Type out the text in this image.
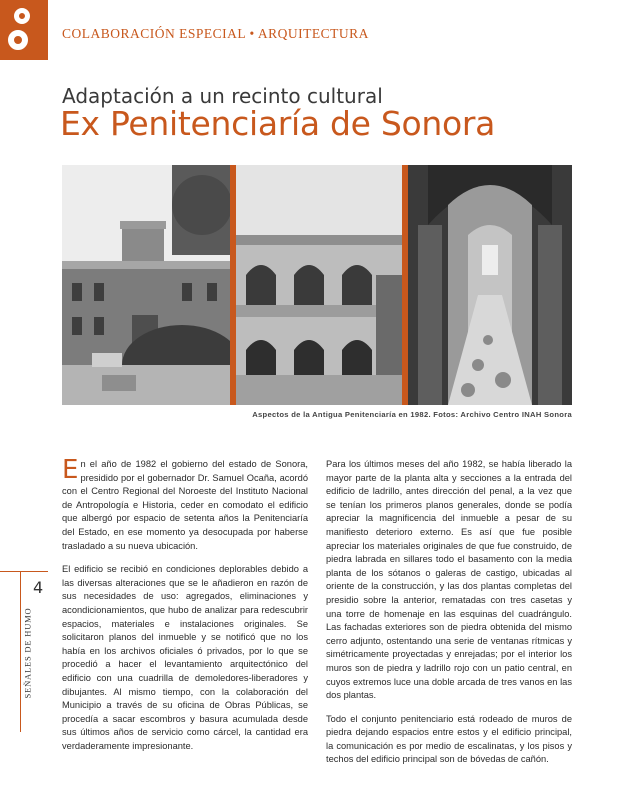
COLABORACIÓN ESPECIAL • ARQUITECTURA
Adaptación a un recinto cultural
Ex Penitenciaría de Sonora
Aspectos de la Antigua Penitenciaría en 1982. Fotos: Archivo Centro INAH Sonora
4
SEÑALES DE HUMO

En el año de 1982 el gobierno del estado de Sonora, presidido por el gobernador Dr. Samuel Ocaña, acordó con el Centro Regional del Noroeste del Instituto Nacional de Antropología e Historia, ceder en comodato el edificio que albergó por espacio de setenta años la Penitenciaría del Estado, en ese momento ya desocupada por haberse trasladado a su nueva ubicación.

El edificio se recibió en condiciones deplorables debido a las diversas alteraciones que se le añadieron en razón de sus necesidades de uso: agregados, eliminaciones y acondicionamientos, que hubo de analizar para redescubrir espacios, materiales e instalaciones originales. Se solicitaron planos del inmueble y se notificó que no los había en los archivos oficiales ó privados, por lo que se procedió a hacer el levantamiento arquitectónico del edificio con una cuadrilla de demoledores-liberadores y dibujantes. Al mismo tiempo, con la colaboración del Municipio a través de su oficina de Obras Públicas, se procedía a sacar escombros y basura acumulada desde sus últimos años de servicio como cárcel, la cantidad era verdaderamente impresionante.

Para los últimos meses del año 1982, se había liberado la mayor parte de la planta alta y secciones a la entrada del edificio de ladrillo, antes dirección del penal, a la vez que se tenían los primeros planos generales, donde se podía apreciar la magnificencia del inmueble a pesar de su manifiesto deterioro externo. Es así que fue posible apreciar los materiales originales de que fue construido, de piedra labrada en sillares todo el basamento con la media planta de los sótanos o galeras de castigo, ubicadas al oriente de la construcción, y las dos plantas completas del presidio sobre la anterior, rematadas con tres casetas y una torre de homenaje en las esquinas del cuadrángulo. Las fachadas exteriores son de piedra obtenida del mismo cerro adjunto, ostentando una serie de ventanas rítmicas y simétricamente proyectadas y enrejadas; por el interior los muros son de piedra y ladrillo rojo con un patio central, en cuyos extremos luce una doble arcada de tres vanos en las dos plantas.

Todo el conjunto penitenciario está rodeado de muros de piedra dejando espacios entre estos y el edificio principal, la comunicación es por medio de escalinatas, y los pisos y techos del edificio principal son de bóvedas de cañón.
